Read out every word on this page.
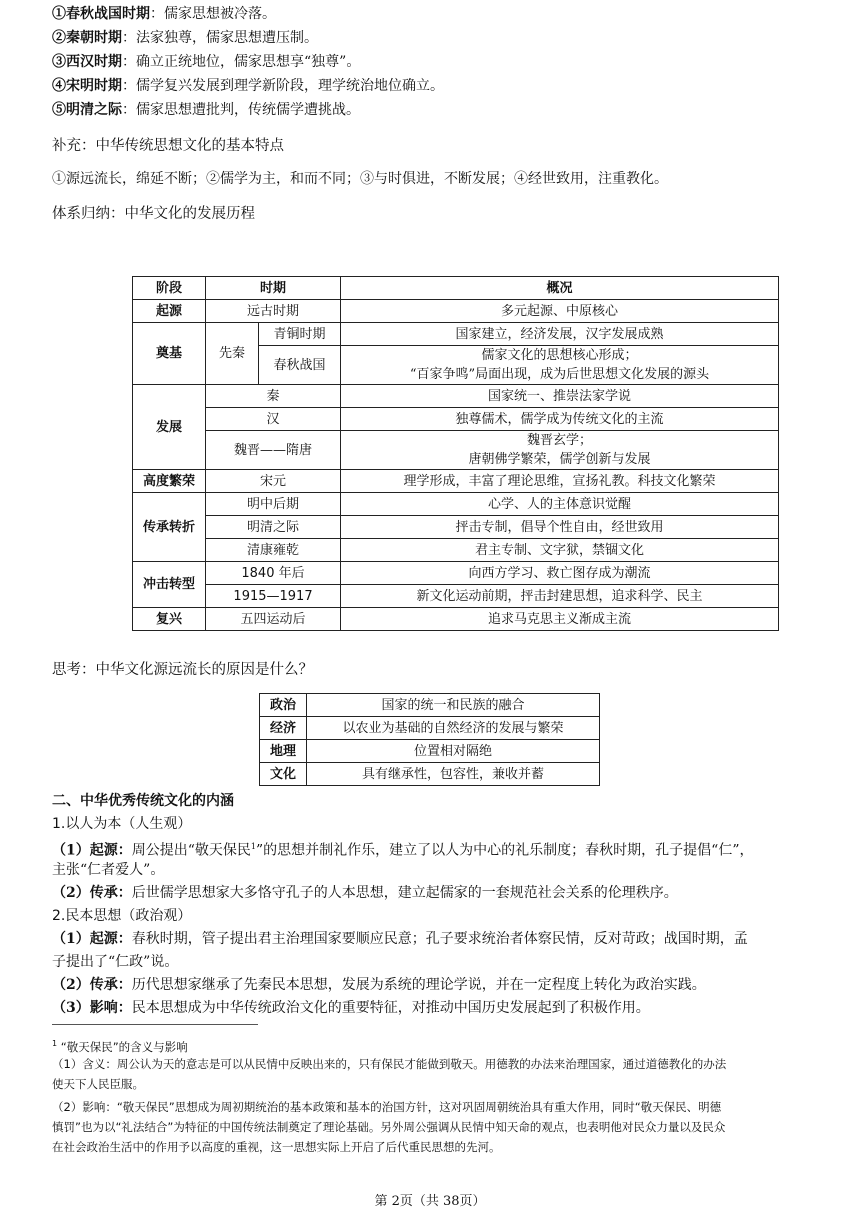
①春秋战国时期：儒家思想被冷落。
②秦朝时期：法家独尊，儒家思想遭压制。
③西汉时期：确立正统地位，儒家思想享“独尊”。
④宋明时期：儒学复兴发展到理学新阶段，理学统治地位确立。
⑤明清之际：儒家思想遭批判，传统儒学遭挑战。
补充：中华传统思想文化的基本特点
①源远流长，绵延不断；②儒学为主，和而不同；③与时俱进，不断发展；④经世致用，注重教化。
体系归纳：中华文化的发展历程
阶段	时期		概况
起源	远古时期		多元起源、中原核心
奠基	先秦	青铜时期	国家建立，经济发展，汉字发展成熟
		春秋战国	儒家文化的思想核心形成；
“百家争鸣”局面出现，成为后世思想文化发展的源头

发展	秦		国家统一、推崇法家学说
	汉		独尊儒术，儒学成为传统文化的主流
	魏晋——隋唐		魏晋玄学；
唐朝佛学繁荣，儒学创新与发展

高度繁荣	宋元		理学形成，丰富了理论思维，宣扬礼教。科技文化繁荣
传承转折	明中后期		心学、人的主体意识觉醒
	明清之际		抨击专制，倡导个性自由，经世致用
	清康雍乾		君主专制、文字狱，禁锢文化
冲击转型	1840 年后		向西方学习、救亡图存成为潮流
	1915—1917		新文化运动前期，抨击封建思想，追求科学、民主
复兴	五四运动后		追求马克思主义渐成主流
思考：中华文化源远流长的原因是什么？
政治	国家的统一和民族的融合
经济	以农业为基础的自然经济的发展与繁荣
地理	位置相对隔绝
文化	具有继承性，包容性，兼收并蓄
二、中华优秀传统文化的内涵
1.以人为本（人生观）
（1）起源：周公提出“敬天保民$^1$”的思想并制礼作乐，建立了以人为中心的礼乐制度；春秋时期，孔子提倡“仁”，
主张“仁者爱人”。
（2）传承：后世儒学思想家大多恪守孔子的人本思想，建立起儒家的一套规范社会关系的伦理秩序。
2.民本思想（政治观）
（1）起源：春秋时期，管子提出君主治理国家要顺应民意；孔子要求统治者体察民情，反对苛政；战国时期，孟
子提出了“仁政”说。
（2）传承：历代思想家继承了先秦民本思想，发展为系统的理论学说，并在一定程度上转化为政治实践。
（3）影响：民本思想成为中华传统政治文化的重要特征，对推动中国历史发展起到了积极作用。
$^1$ “敬天保民”的含义与影响
（1）含义：周公认为天的意志是可以从民情中反映出来的，只有保民才能做到敬天。用德教的办法来治理国家，通过道德教化的办法
使天下人民臣服。
（2）影响：“敬天保民”思想成为周初期统治的基本政策和基本的治国方针，这对巩固周朝统治具有重大作用，同时“敬天保民、明德
慎罚”也为以“礼法结合”为特征的中国传统法制奠定了理论基础。另外周公强调从民情中知天命的观点，也表明他对民众力量以及民众
在社会政治生活中的作用予以高度的重视，这一思想实际上开启了后代重民思想的先河。
第 2页（共 38页）
